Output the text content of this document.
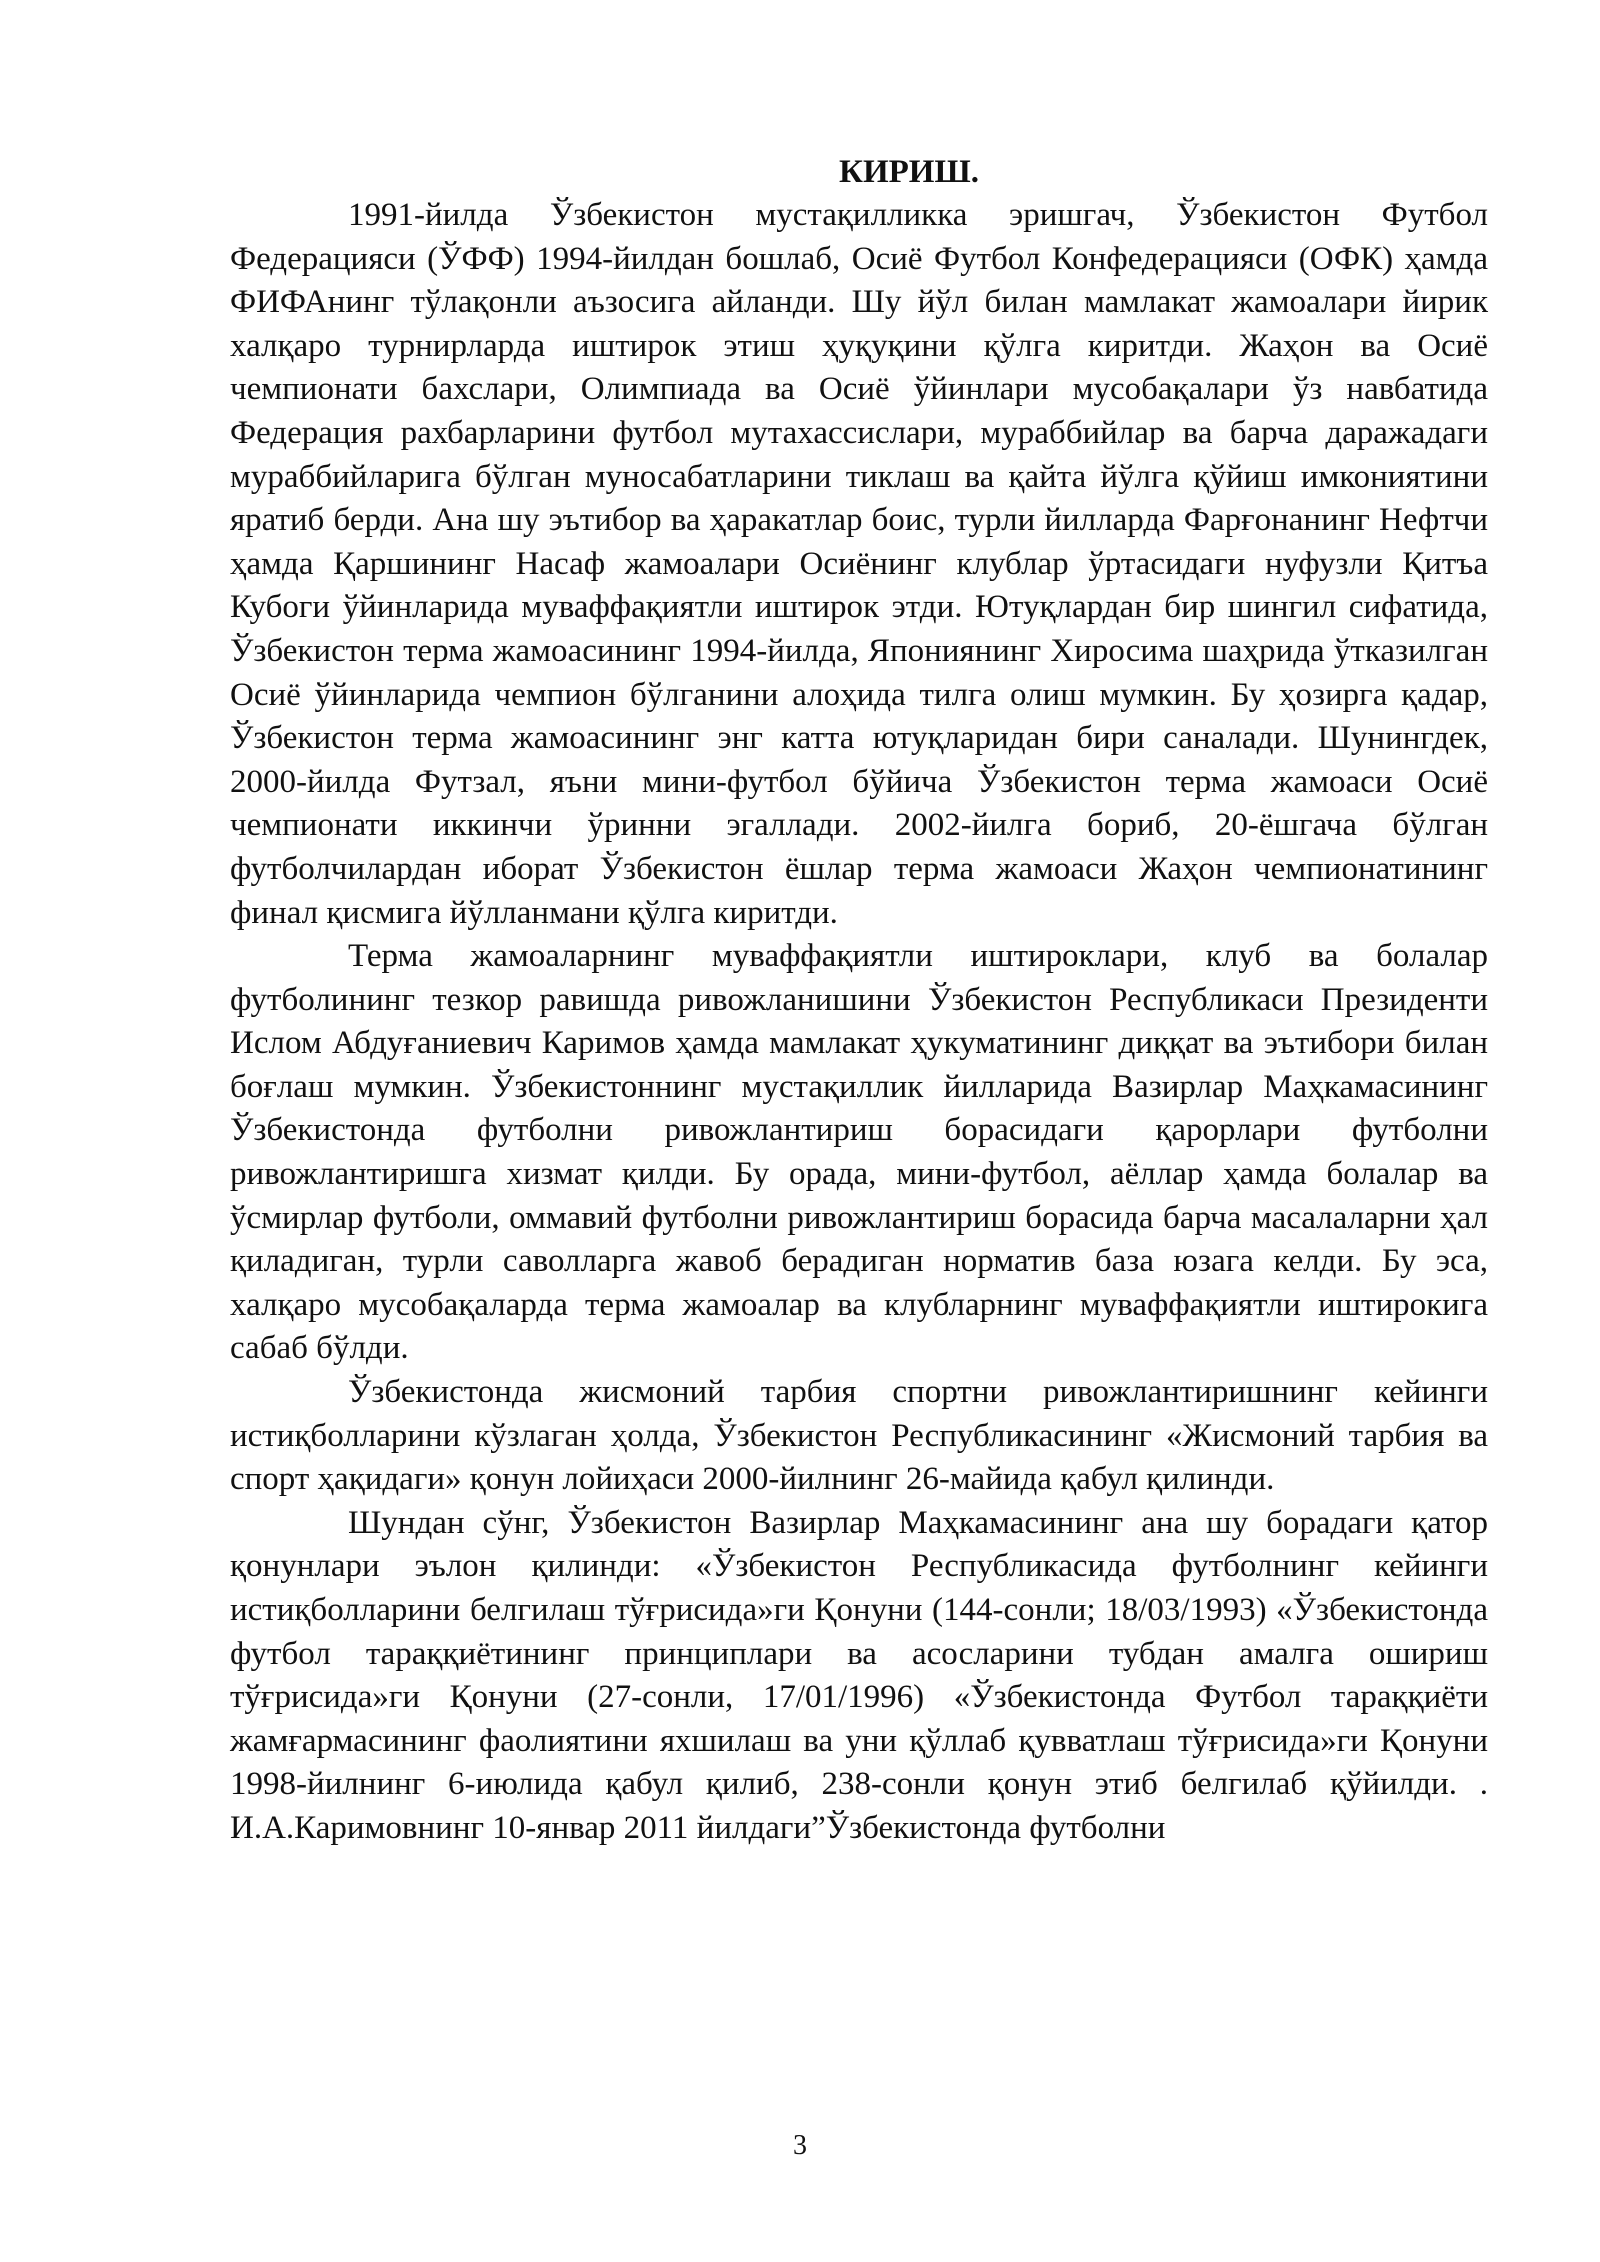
КИРИШ.

1991-йилда Ўзбекистон мустақилликка эришгач, Ўзбекистон Футбол Федерацияси (ЎФФ) 1994-йилдан бошлаб, Осиё Футбол Конфедерацияси (ОФК) ҳамда ФИФАнинг тўлақонли аъзосига айланди. Шу йўл билан мамлакат жамоалари йирик халқаро турнирларда иштирок этиш ҳуқуқини қўлга киритди. Жаҳон ва Осиё чемпионати бахслари, Олимпиада ва Осиё ўйинлари мусобақалари ўз навбатида Федерация рахбарларини футбол мутахассислари, мураббийлар ва барча даражадаги мураббийларига бўлган муносабатларини тиклаш ва қайта йўлга қўйиш имкониятини яратиб берди. Ана шу эътибор ва ҳаракатлар боис, турли йилларда Фарғонанинг Нефтчи ҳамда Қаршининг Насаф жамоалари Осиёнинг клублар ўртасидаги нуфузли Қитъа Кубоги ўйинларида муваффақиятли иштирок этди. Ютуқлардан бир шингил сифатида, Ўзбекистон терма жамоасининг 1994-йилда, Япониянинг Хиросима шаҳрида ўтказилган Осиё ўйинларида чемпион бўлганини алоҳида тилга олиш мумкин. Бу ҳозирга қадар, Ўзбекистон терма жамоасининг энг катта ютуқларидан бири саналади. Шунингдек, 2000-йилда Футзал, яъни мини-футбол бўйича Ўзбекистон терма жамоаси Осиё чемпионати иккинчи ўринни эгаллади. 2002-йилга бориб, 20-ёшгача бўлган футболчилардан иборат Ўзбекистон ёшлар терма жамоаси Жаҳон чемпионатининг финал қисмига йўлланмани қўлга киритди.

Терма жамоаларнинг муваффақиятли иштироклари, клуб ва болалар футболининг тезкор равишда ривожланишини Ўзбекистон Республикаси Президенти Ислом Абдуғаниевич Каримов ҳамда мамлакат ҳукуматининг диққат ва эътибори билан боғлаш мумкин. Ўзбекистоннинг мустақиллик йилларида Вазирлар Маҳкамасининг Ўзбекистонда футболни ривожлантириш борасидаги қарорлари футболни ривожлантиришга хизмат қилди. Бу орада, мини-футбол, аёллар ҳамда болалар ва ўсмирлар футболи, оммавий футболни ривожлантириш борасида барча масалаларни ҳал қиладиган, турли саволларга жавоб берадиган норматив база юзага келди. Бу эса, халқаро мусобақаларда терма жамоалар ва клубларнинг муваффақиятли иштирокига сабаб бўлди.

Ўзбекистонда жисмоний тарбия спортни ривожлантиришнинг кейинги истиқболларини кўзлаган ҳолда, Ўзбекистон Республикасининг «Жисмоний тарбия ва спорт ҳақидаги» қонун лойиҳаси 2000-йилнинг 26-майида қабул қилинди.

Шундан сўнг, Ўзбекистон Вазирлар Маҳкамасининг ана шу борадаги қатор қонунлари эълон қилинди: «Ўзбекистон Республикасида футболнинг кейинги истиқболларини белгилаш тўғрисида»ги Қонуни (144-сонли; 18/03/1993) «Ўзбекистонда футбол тараққиётининг принциплари ва асосларини тубдан амалга ошириш тўғрисида»ги Қонуни (27-сонли, 17/01/1996) «Ўзбекистонда Футбол тараққиёти жамғармасининг фаолиятини яхшилаш ва уни қўллаб қувватлаш тўғрисида»ги Қонуни 1998-йилнинг 6-июлида қабул қилиб, 238-сонли қонун этиб белгилаб қўйилди. . И.А.Каримовнинг 10-январ 2011 йилдаги”Ўзбекистонда футболни

3
